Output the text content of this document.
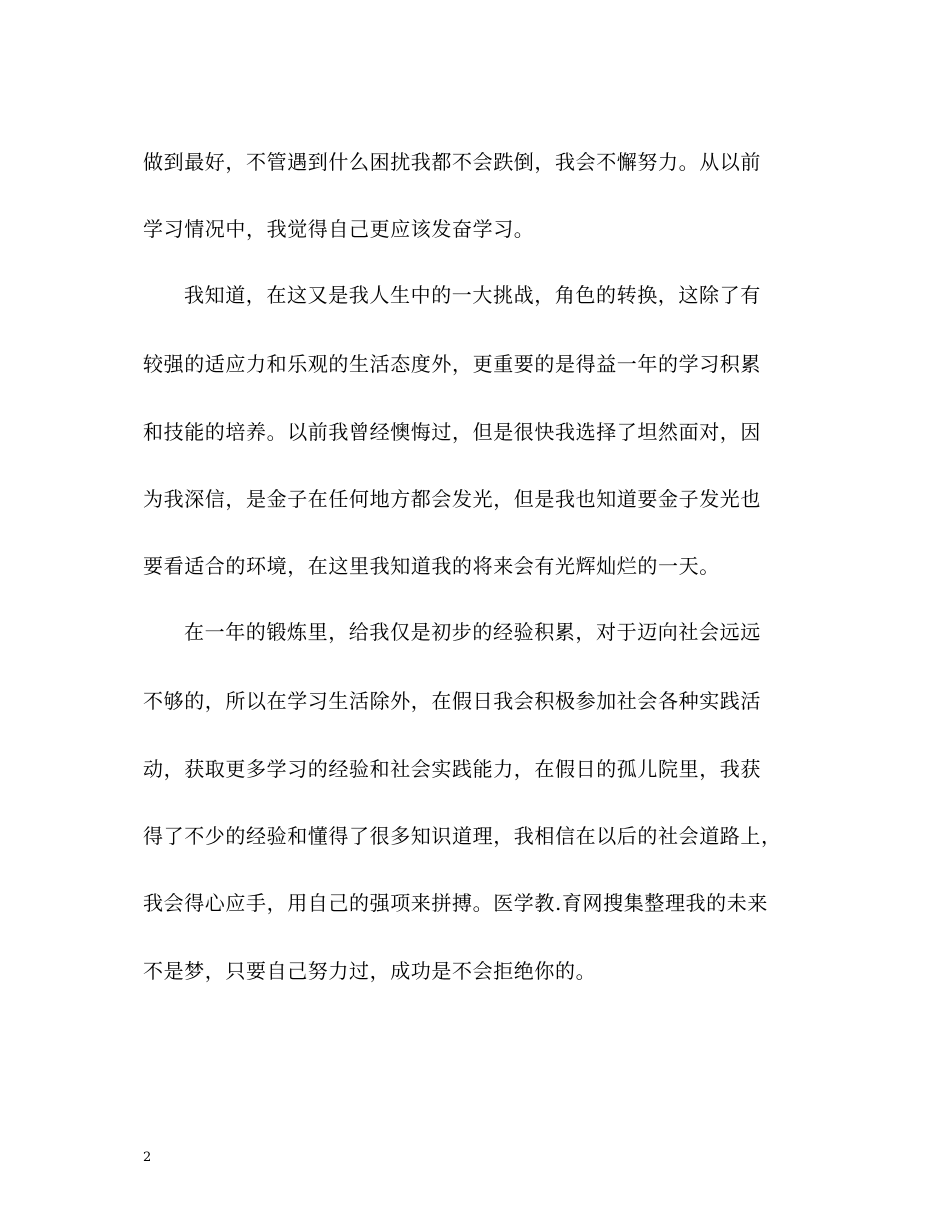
做到最好，不管遇到什么困扰我都不会跌倒，我会不懈努力。从以前
学习情况中，我觉得自己更应该发奋学习。
我知道，在这又是我人生中的一大挑战，角色的转换，这除了有
较强的适应力和乐观的生活态度外，更重要的是得益一年的学习积累
和技能的培养。以前我曾经懊悔过，但是很快我选择了坦然面对，因
为我深信，是金子在任何地方都会发光，但是我也知道要金子发光也
要看适合的环境，在这里我知道我的将来会有光辉灿烂的一天。
在一年的锻炼里，给我仅是初步的经验积累，对于迈向社会远远
不够的，所以在学习生活除外，在假日我会积极参加社会各种实践活
动，获取更多学习的经验和社会实践能力，在假日的孤儿院里，我获
得了不少的经验和懂得了很多知识道理，我相信在以后的社会道路上，
我会得心应手，用自己的强项来拼搏。医学教.育网搜集整理我的未来
不是梦，只要自己努力过，成功是不会拒绝你的。
2
